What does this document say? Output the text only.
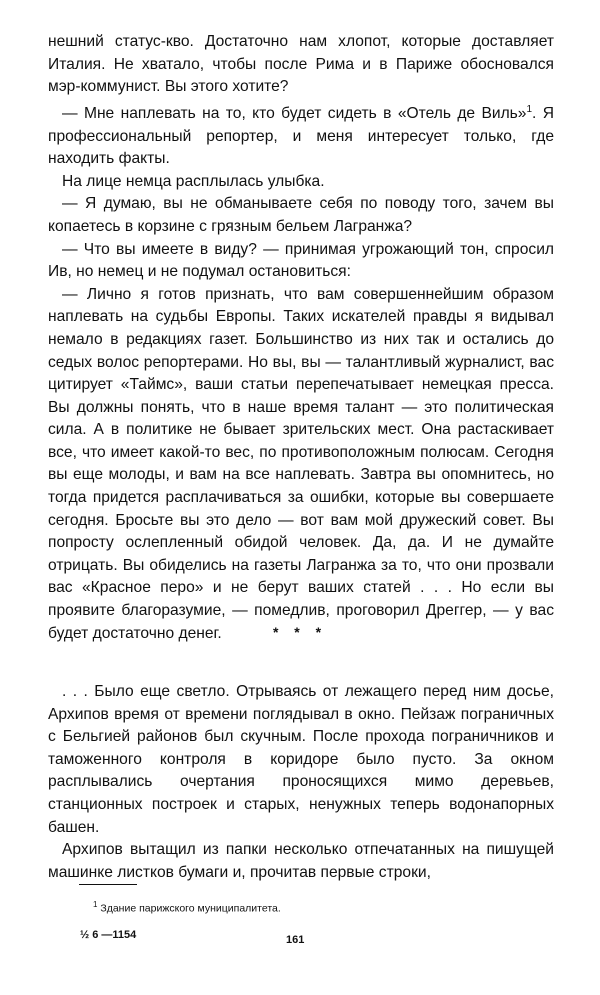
нешний статус-кво. Достаточно нам хлопот, которые доставляет Италия. Не хватало, чтобы после Рима и в Париже обосновался мэр-коммунист. Вы этого хотите?

— Мне наплевать на то, кто будет сидеть в «Отель де Виль»$^1$. Я профессиональный репортер, и меня интересует только, где находить факты.

На лице немца расплылась улыбка.

— Я думаю, вы не обманываете себя по поводу того, зачем вы копаетесь в корзине с грязным бельем Лагранжа?

— Что вы имеете в виду? — принимая угрожающий тон, спросил Ив, но немец и не подумал остановиться:

— Лично я готов признать, что вам совершеннейшим образом наплевать на судьбы Европы. Таких искателей правды я видывал немало в редакциях газет. Большинство из них так и остались до седых волос репортерами. Но вы, вы — талантливый журналист, вас цитирует «Таймс», ваши статьи перепечатывает немецкая пресса. Вы должны понять, что в наше время талант — это политическая сила. А в политике не бывает зрительских мест. Она растаскивает все, что имеет какой-то вес, по противоположным полюсам. Сегодня вы еще молоды, и вам на все наплевать. Завтра вы опомнитесь, но тогда придется расплачиваться за ошибки, которые вы совершаете сегодня. Бросьте вы это дело — вот вам мой дружеский совет. Вы попросту ослепленный обидой человек. Да, да. И не думайте отрицать. Вы обиделись на газеты Лагранжа за то, что они прозвали вас «Красное перо» и не берут ваших статей . . . Но если вы проявите благоразумие, — помедлив, проговорил Дреггер, — у вас будет достаточно денег.	* * *

. . . Было еще светло. Отрываясь от лежащего перед ним досье, Архипов время от времени поглядывал в окно. Пейзаж пограничных с Бельгией районов был скучным. После прохода пограничников и таможенного контроля в коридоре было пусто. За окном расплывались очертания проносящихся мимо деревьев, станционных построек и старых, ненужных теперь водонапорных башен.

Архипов вытащил из папки несколько отпечатанных на пишущей машинке листков бумаги и, прочитав первые строки,

$^1$ Здание парижского муниципалитета.
½ 6 —1154	161
